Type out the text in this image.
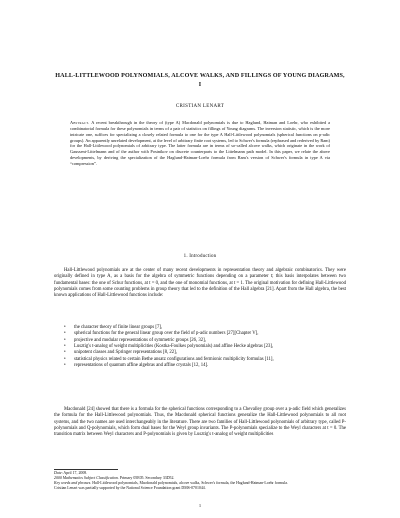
HALL-LITTLEWOOD POLYNOMIALS, ALCOVE WALKS, AND FILLINGS OF YOUNG DIAGRAMS, I
CRISTIAN LENART
Abstract. A recent breakthrough in the theory of (type A) Macdonald polynomials is due to Haglund, Haiman and Loehr, who exhibited a combinatorial formula for these polynomials in terms of a pair of statistics on fillings of Young diagrams. The inversion statistic, which is the more intricate one, suffices for specializing a closely related formula to one for the type A Hall-Littlewood polynomials (spherical functions on p-adic groups). An apparently unrelated development, at the level of arbitrary finite root systems, led to Schwer's formula (rephrased and rederived by Ram) for the Hall-Littlewood polynomials of arbitrary type. The latter formula are in terms of so-called alcove walks, which originate in the work of Gaussent-Littelmann and of the author with Postnikov on discrete counterparts to the Littelmann path model. In this paper, we relate the above developments, by deriving the specialization of the Haglund-Haiman-Loehr formula from Ram's version of Schwer's formula in type A via “compression”.
1. Introduction

Hall-Littlewood polynomials are at the center of many recent developments in representation theory and algebraic combinatorics. They were originally defined in type A, as a basis for the algebra of symmetric functions depending on a parameter t; this basis interpolates between two fundamental bases: the one of Schur functions, at t = 0, and the one of monomial functions, at t = 1. The original motivation for defining Hall-Littlewood polynomials comes from some counting problems in group theory that led to the definition of the Hall algebra [21]. Apart from the Hall algebra, the best known applications of Hall-Littlewood functions include:

• the character theory of finite linear groups [7],
• spherical functions for the general linear group over the field of p-adic numbers [27][Chapter V],
• projective and modular representations of symmetric groups [26, 32],
• Lusztig's t-analog of weight multiplicities (Kostka-Foulkes polynomials) and affine Hecke algebras [23],
• unipotent classes and Springer representations [8, 22],
• statistical physics related to certain Bethe ansatz configurations and fermionic multiplicity formulas [11],
• representations of quantum affine algebras and affine crystals [12, 14].

Macdonald [24] showed that there is a formula for the spherical functions corresponding to a Chevalley group over a p-adic field which generalizes the formula for the Hall-Littlewood polynomials. Thus, the Macdonald spherical functions generalize the Hall-Littlewood polynomials to all root systems, and the two names are used interchangeably in the literature. There are two families of Hall-Littlewood polynomials of arbitrary type, called P-polynomials and Q-polynomials, which form dual bases for the Weyl group invariants. The P-polynomials specialize to the Weyl characters at t = 0. The transition matrix between Weyl characters and P-polynomials is given by Lusztig's t-analog of weight multiplicities

Date: April 17, 2008.
2000 Mathematics Subject Classification. Primary 05E05. Secondary 33D52.
Key words and phrases. Hall-Littlewood polynomials, Macdonald polynomials, alcove walks, Schwer's formula, the Haglund-Haiman-Loehr formula.
Cristian Lenart was partially supported by the National Science Foundation grant DMS-0701044.
1
